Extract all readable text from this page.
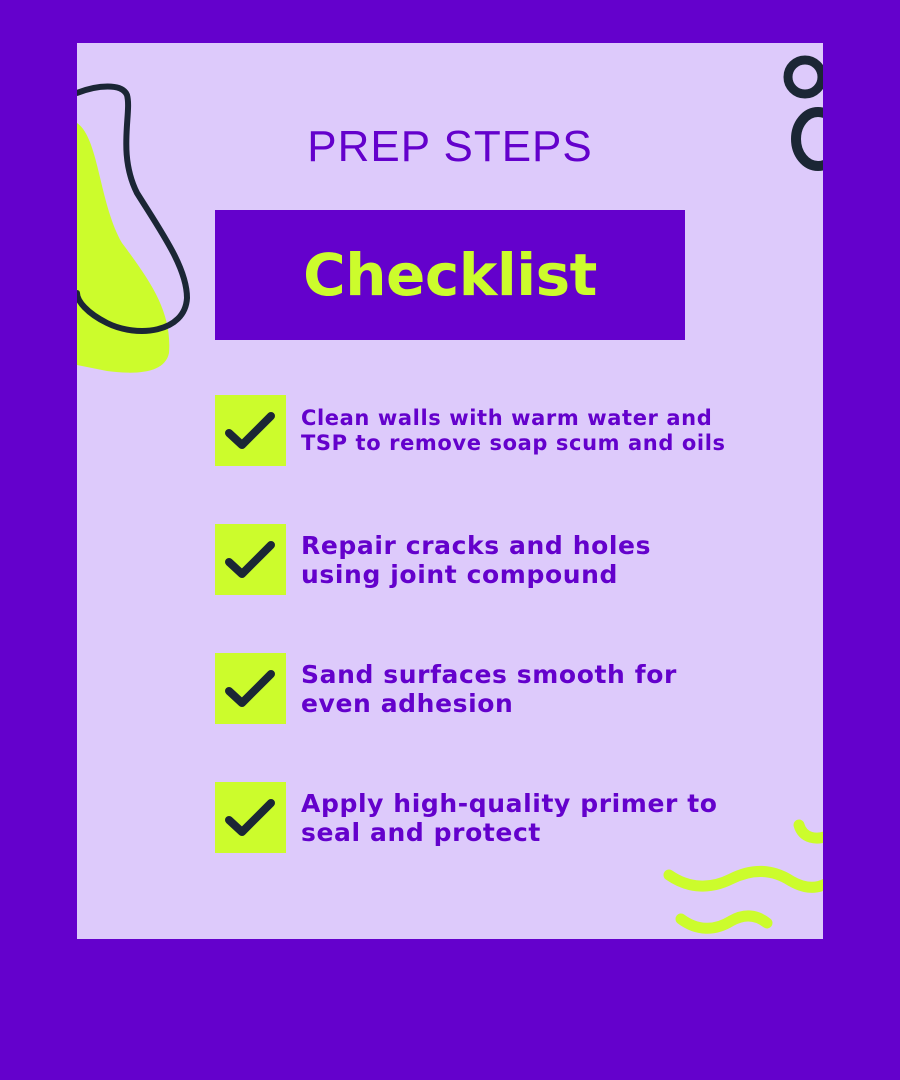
PREP STEPS
Checklist
Clean walls with warm water and
TSP to remove soap scum and oils
Repair cracks and holes
using joint compound
Sand surfaces smooth for
even adhesion
Apply high-quality primer to
seal and protect
